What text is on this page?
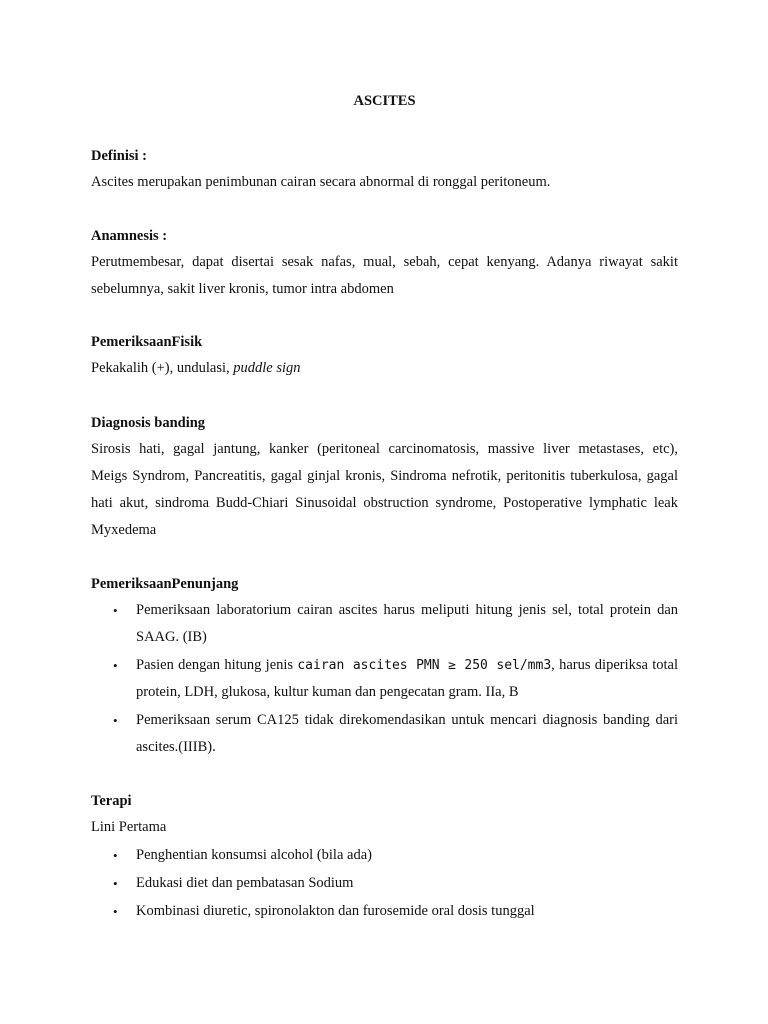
ASCITES
Definisi :
Ascites merupakan penimbunan cairan secara abnormal di ronggal peritoneum.
Anamnesis :
Perutmembesar, dapat disertai sesak nafas, mual, sebah, cepat kenyang. Adanya riwayat sakit
sebelumnya, sakit liver kronis, tumor intra abdomen
PemeriksaanFisik
Pekakalih (+), undulasi, puddle sign
Diagnosis banding
Sirosis hati, gagal jantung, kanker (peritoneal carcinomatosis, massive liver metastases, etc),
Meigs Syndrom, Pancreatitis, gagal ginjal kronis, Sindroma nefrotik, peritonitis tuberkulosa, gagal
hati akut, sindroma Budd-Chiari Sinusoidal obstruction syndrome, Postoperative lymphatic leak
Myxedema
PemeriksaanPenunjang
• Pemeriksaan laboratorium cairan ascites harus meliputi hitung jenis sel, total protein dan
SAAG. (IB)
• Pasien dengan hitung jenis cairan ascites PMN ≥ 250 sel/mm3, harus diperiksa total
protein, LDH, glukosa, kultur kuman dan pengecatan gram. IIa, B
• Pemeriksaan serum CA125 tidak direkomendasikan untuk mencari diagnosis banding dari
ascites.(IIIB).
Terapi
Lini Pertama
• Penghentian konsumsi alcohol (bila ada)
• Edukasi diet dan pembatasan Sodium
• Kombinasi diuretic, spironolakton dan furosemide oral dosis tunggal
